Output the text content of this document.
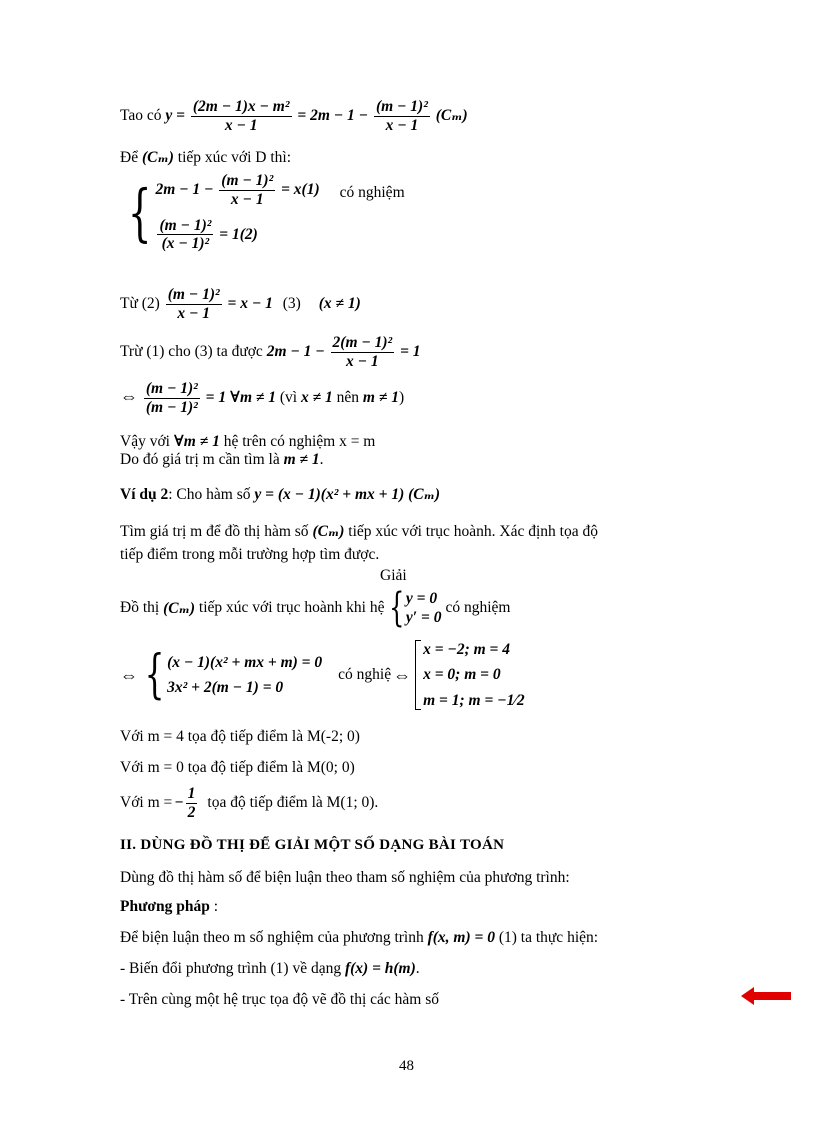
Tao có $y = \frac{\text{(2m − 1)x − m²}}{x - 1} = 2m - 1 - \frac{\text{(m − 1)²}}{x - 1} (C_m)$
Để (Cₘ) tiếp xúc với D thì:
{ $2m - 1 - \frac{\text{(m − 1)²}}{x - 1} = x(1)$
$\frac{\text{(m − 1)²}}{\text{(x − 1)²}} = 1(2)$
có nghiệm
Từ $(2) \frac{\text{(m − 1)²}}{x - 1} = x - 1$ (3) (x ≠ 1)
Trừ (1) cho (3) ta được $2m - 1 - \frac{\text{2(m − 1)²}}{x - 1} = 1$
⇔ $\frac{\text{(m − 1)²}}{\text{(m − 1)²}} = 1$ ∀m ≠ 1 (vì x ≠ 1 nên m ≠ 1)
Vậy với ∀m ≠ 1 hệ trên có nghiệm x = m
Do đó giá trị m cần tìm là m ≠ 1.
Ví dụ 2: Cho hàm số y = (x − 1)(x² + mx + 1) (Cₘ)
Tìm giá trị m để đồ thị hàm số (Cₘ) tiếp xúc với trục hoành. Xác định tọa độ
tiếp điểm trong mỗi trường hợp tìm được.
Giải
Đồ thị
(Cₘ)
tiếp xúc với trục hoành khi hệ { y = 0
y′ = 0
có nghiệm
⇔ { (x − 1)(x² + mx + m) = 0
3x² + 2(m − 1) = 0
có nghiệ ⇔
x = −2; m = 4
x = 0; m = 0
m = 1; m = −1⁄2
Với m = 4 tọa độ tiếp điểm là M(-2; 0)
Với m = 0 tọa độ tiếp điểm là M(0; 0)
Với m = − $\frac{1}{2}$ tọa độ tiếp điểm là M(1; 0).
II. DÙNG ĐỒ THỊ ĐỂ GIẢI MỘT SỐ DẠNG BÀI TOÁN
Dùng đồ thị hàm số để biện luận theo tham số nghiệm của phương trình:
Phương pháp :
Để biện luận theo m số nghiệm của phương trình f(x, m) = 0 (1) ta thực hiện:
- Biến đổi phương trình (1) về dạng f(x) = h(m).
- Trên cùng một hệ trục tọa độ vẽ đồ thị các hàm số
48
